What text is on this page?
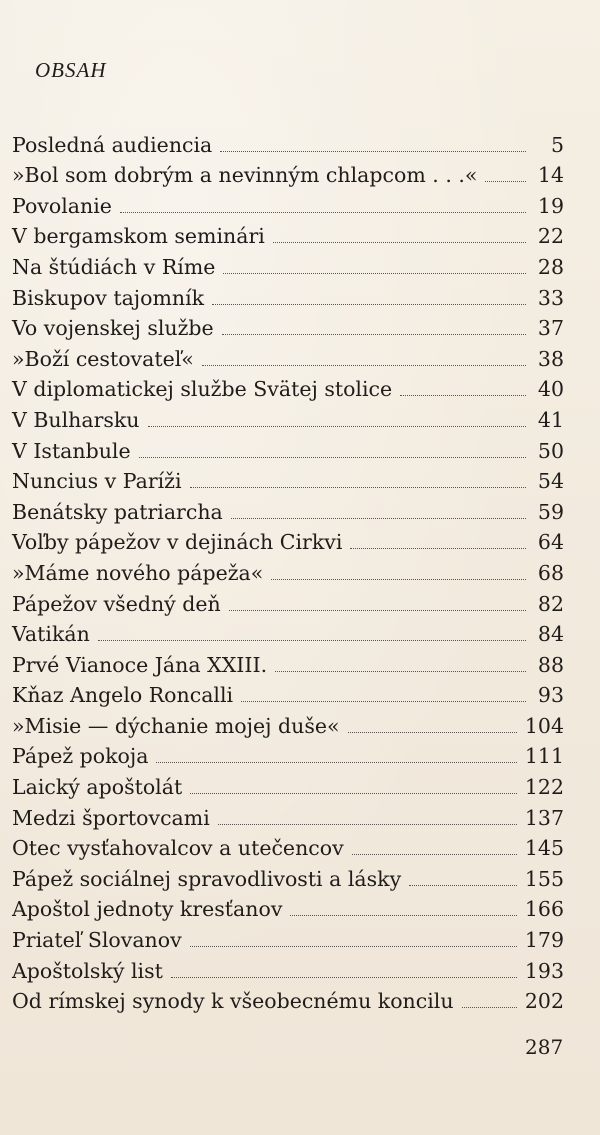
OBSAH
Posledná audiencia	5
»Bol som dobrým a nevinným chlapcom . . .«	14
Povolanie	19
V bergamskom seminári	22
Na štúdiách v Ríme	28
Biskupov tajomník	33
Vo vojenskej službe	37
»Boží cestovateľ«	38
V diplomatickej službe Svätej stolice	40
V Bulharsku	41
V Istanbule	50
Nuncius v Paríži	54
Benátsky patriarcha	59
Voľby pápežov v dejinách Cirkvi	64
»Máme nového pápeža«	68
Pápežov všedný deň	82
Vatikán	84
Prvé Vianoce Jána XXIII.	88
Kňaz Angelo Roncalli	93
»Misie — dýchanie mojej duše«	104
Pápež pokoja	111
Laický apoštolát	122
Medzi športovcami	137
Otec vysťahovalcov a utečencov	145
Pápež sociálnej spravodlivosti a lásky	155
Apoštol jednoty kresťanov	166
Priateľ Slovanov	179
Apoštolský list	193
Od rímskej synody k všeobecnému koncilu	202
287
